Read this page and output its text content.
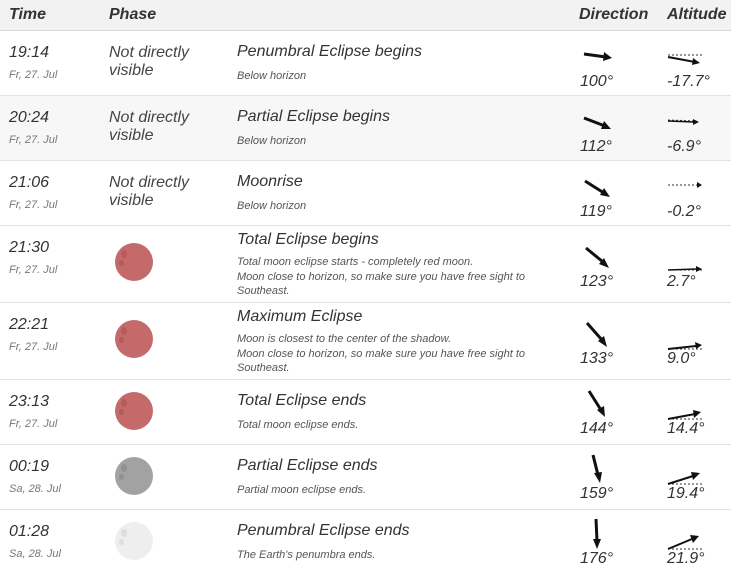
Time	Phase	Direction Altitude
19:14
Fr, 27. Jul
Not directly visible
Penumbral Eclipse begins
Below horizon	100°	-17.7°
20:24
Fr, 27. Jul
Not directly visible
Partial Eclipse begins
Below horizon	112°	-6.9°
21:06
Fr, 27. Jul
Not directly visible
Moonrise
Below horizon	119°	-0.2°
21:30
Fr, 27. Jul
Total Eclipse begins
Total moon eclipse starts - completely red moon.
Moon close to horizon, so make sure you have free sight to
Southeast.
123°	2.7°
22:21
Fr, 27. Jul
Maximum Eclipse
Moon is closest to the center of the shadow.
Moon close to horizon, so make sure you have free sight to
Southeast.
133°	9.0°
23:13
Fr, 27. Jul
Total Eclipse ends
Total moon eclipse ends.	144°	14.4°
00:19
Sa, 28. Jul
Partial Eclipse ends
Partial moon eclipse ends.	159°	19.4°
01:28
Sa, 28. Jul
Penumbral Eclipse ends
The Earth's penumbra ends.	176°	21.9°
